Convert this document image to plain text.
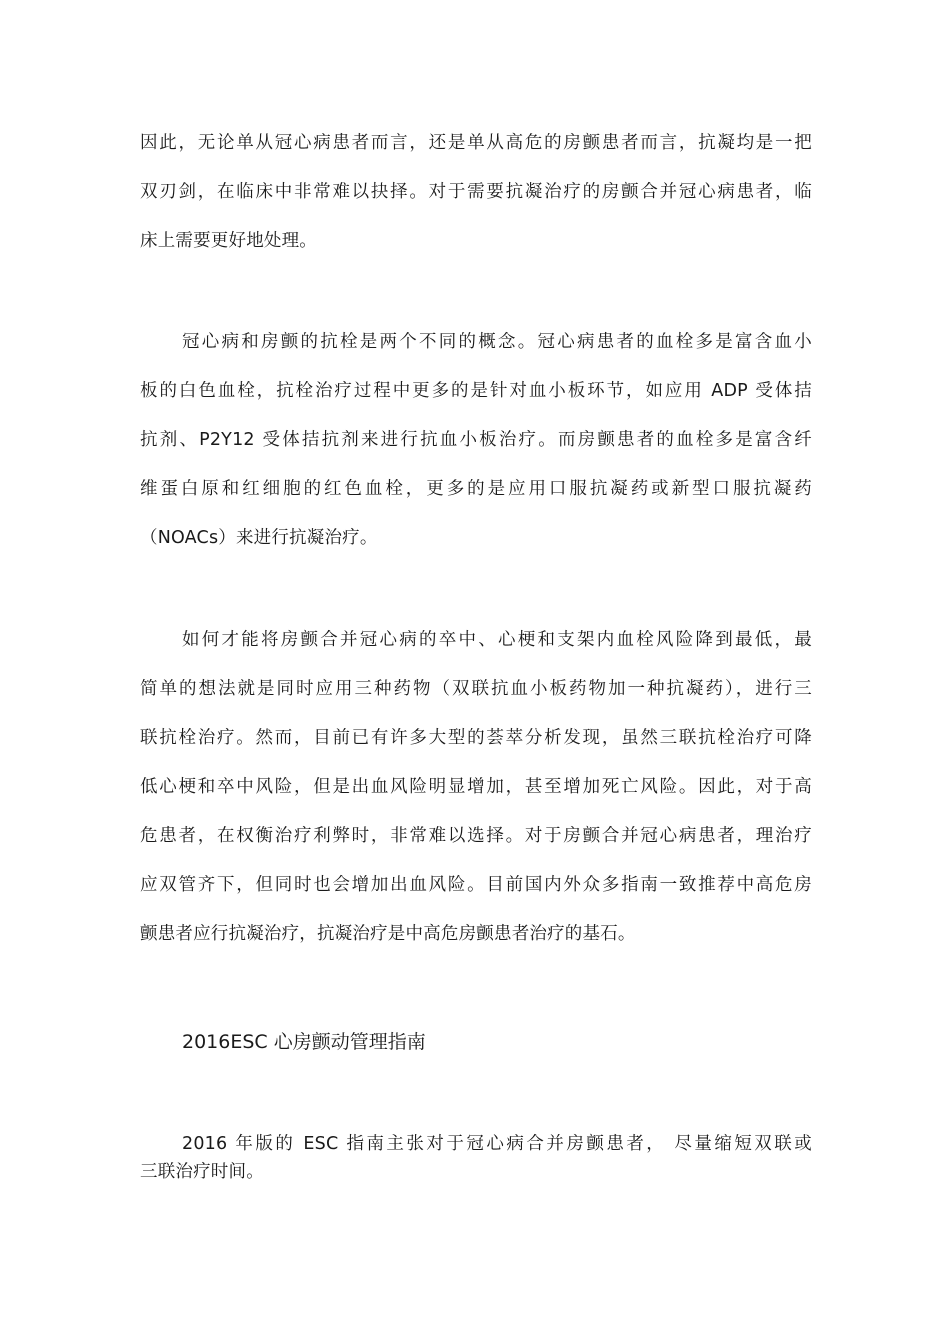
因此，无论单从冠心病患者而言，还是单从高危的房颤患者而言，抗凝均是一把
双刃剑，在临床中非常难以抉择。对于需要抗凝治疗的房颤合并冠心病患者，临
床上需要更好地处理。

冠心病和房颤的抗栓是两个不同的概念。冠心病患者的血栓多是富含血小
板的白色血栓，抗栓治疗过程中更多的是针对血小板环节，如应用 ADP 受体拮
抗剂、P2Y12 受体拮抗剂来进行抗血小板治疗。而房颤患者的血栓多是富含纤
维蛋白原和红细胞的红色血栓，更多的是应用口服抗凝药或新型口服抗凝药
（NOACs）来进行抗凝治疗。

如何才能将房颤合并冠心病的卒中、心梗和支架内血栓风险降到最低，最
简单的想法就是同时应用三种药物（双联抗血小板药物加一种抗凝药），进行三
联抗栓治疗。然而，目前已有许多大型的荟萃分析发现，虽然三联抗栓治疗可降
低心梗和卒中风险，但是出血风险明显增加，甚至增加死亡风险。因此，对于高
危患者，在权衡治疗利弊时，非常难以选择。对于房颤合并冠心病患者，理治疗
应双管齐下，但同时也会增加出血风险。目前国内外众多指南一致推荐中高危房
颤患者应行抗凝治疗，抗凝治疗是中高危房颤患者治疗的基石。

2016ESC 心房颤动管理指南

2016 年版的 ESC 指南主张对于冠心病合并房颤患者， 尽量缩短双联或
三联治疗时间。
